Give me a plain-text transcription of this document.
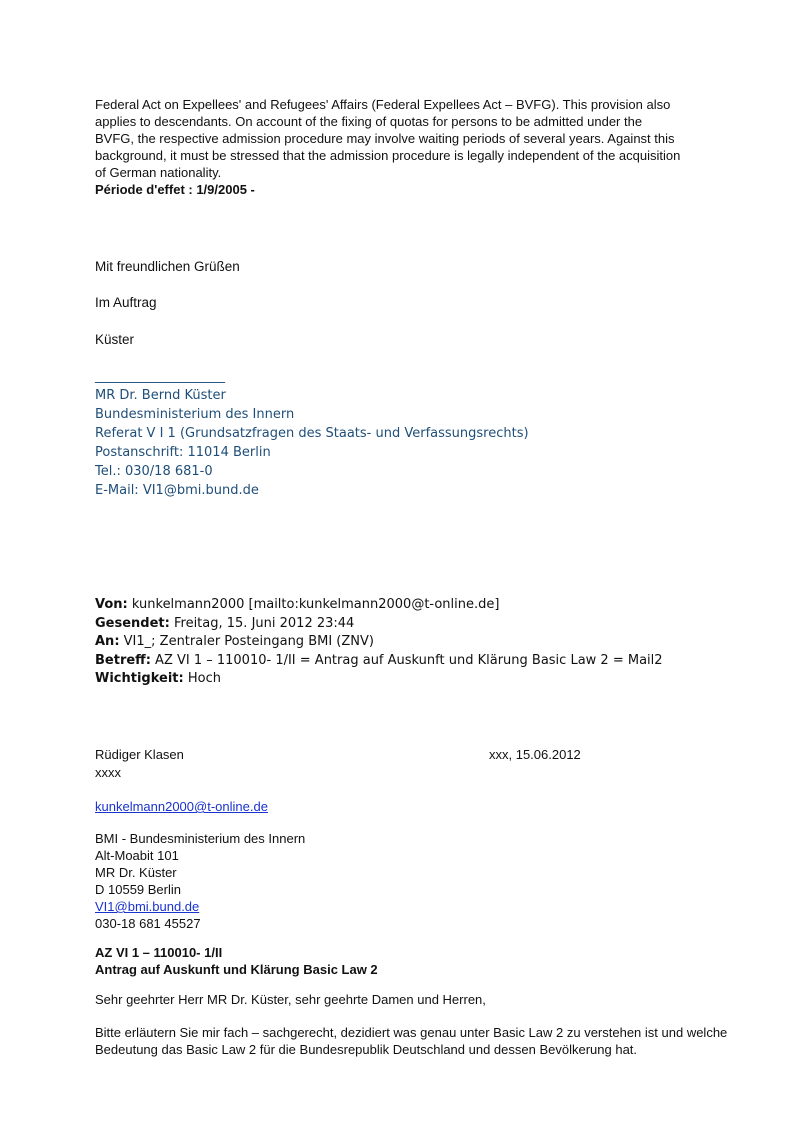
Federal Act on Expellees' and Refugees' Affairs (Federal Expellees Act – BVFG). This provision also
applies to descendants. On account of the fixing of quotas for persons to be admitted under the
BVFG, the respective admission procedure may involve waiting periods of several years. Against this
background, it must be stressed that the admission procedure is legally independent of the acquisition
of German nationality.
Période d'effet : 1/9/2005 -
Mit freundlichen Grüßen
Im Auftrag
Küster
____________________
MR Dr. Bernd Küster
Bundesministerium des Innern
Referat V I 1 (Grundsatzfragen des Staats- und Verfassungsrechts)
Postanschrift: 11014 Berlin
Tel.: 030/18 681-0
E-Mail: VI1@bmi.bund.de
Von: kunkelmann2000 [mailto:kunkelmann2000@t-online.de]
Gesendet: Freitag, 15. Juni 2012 23:44
An: VI1_; Zentraler Posteingang BMI (ZNV)
Betreff: AZ VI 1 – 110010- 1/II = Antrag auf Auskunft und Klärung Basic Law 2 = Mail2
Wichtigkeit: Hoch
Rüdiger Klasen	xxx, 15.06.2012
xxxx
kunkelmann2000@t-online.de
BMI - Bundesministerium des Innern
Alt-Moabit 101
MR Dr. Küster
D 10559 Berlin
VI1@bmi.bund.de
030-18 681 45527
AZ VI 1 – 110010- 1/II
Antrag auf Auskunft und Klärung Basic Law 2
Sehr geehrter Herr MR Dr. Küster, sehr geehrte Damen und Herren,
Bitte erläutern Sie mir fach – sachgerecht, dezidiert was genau unter Basic Law 2 zu verstehen ist und welche
Bedeutung das Basic Law 2 für die Bundesrepublik Deutschland und dessen Bevölkerung hat.
